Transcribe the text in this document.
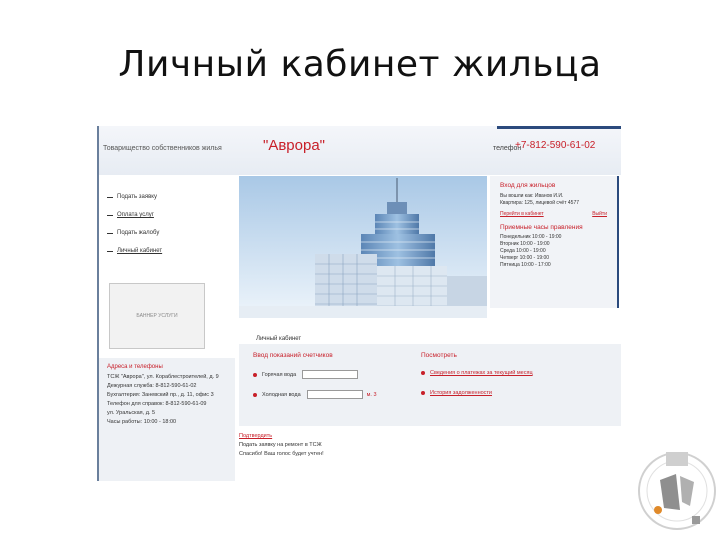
Личный кабинет жильца
Товарищество собственников жилья	"Аврора"	телефон
+7-812-590-61-02
Подать заявку
Оплата услуг
Подать жалобу
Личный кабинет
БАННЕР УСЛУГИ
Адреса и телефоны

ТСЖ "Аврора", ул. Кораблестроителей, д. 9

Дежурная служба: 8-812-590-61-02

Бухгалтерия: Заневский пр., д. 11, офис 3

Телефон для справок: 8-812-590-61-09

ул. Уральская, д. 5

Часы работы: 10:00 - 18:00

Вход для жильцов
Вы вошли как: Иванов И.И.
Квартира: 125, лицевой счёт 4577
Перейти в кабинет	Выйти
Приемные часы правления
Понедельник 10:00 - 19:00
Вторник 10:00 - 19:00
Среда 10:00 - 19:00
Четверг 10:00 - 19:00
Пятница 10:00 - 17:00
Личный кабинет
Ввод показаний счетчиков	Посмотреть
Горячая вода
Холодная вода	м. 3
Сведения о платежах за текущий месяц
История задолженности
Подтвердить
Подать заявку на ремонт в ТСЖ
Спасибо! Ваш голос будет учтен!
